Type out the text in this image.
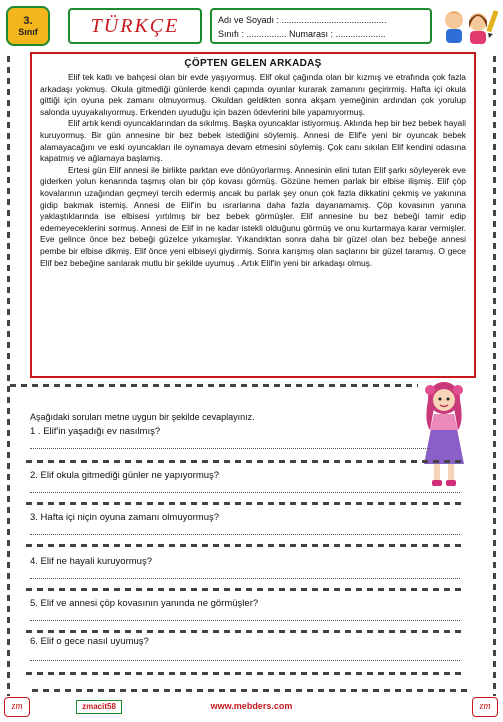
3.
Sınıf	TÜRKÇE	Adı ve Soyadı : ..........................................
Sınıfı : ................ Numarası : ....................
ÇÖPTEN GELEN ARKADAŞ

Elif tek katlı ve bahçesi olan bir evde yaşıyormuş. Elif okul çağında olan bir kızmış ve etrafında çok fazla arkadaşı yokmuş. Okula gitmediği günlerde kendi çapında oyunlar kurarak zamanını geçirirmiş. Hafta içi okula gittiği için oyuna pek zamanı olmuyormuş. Okuldan geldikten sonra akşam yemeğinin ardından çok yorulup salonda uyuyakalıyormuş. Erkenden uyuduğu için bazen ödevlerini bile yapamıyormuş.

Elif artık kendi oyuncaklarından da sıkılmış. Başka oyuncaklar istiyormuş. Aklında hep bir bez bebek hayali kuruyormuş. Bir gün annesine bir bez bebek istediğini söylemiş. Annesi de Elif'e yeni bir oyuncak bebek alamayacağını ve eski oyuncakları ile oynamaya devam etmesini söylemiş. Çok canı sıkılan Elif kendini odasına kapatmış ve ağlamaya başlamış.

Ertesi gün Elif annesi ile birlikte parktan eve dönüyorlarmış. Annesinin elini tutan Elif şarkı söyleyerek eve giderken yolun kenarında taşmış olan bir çöp kovası görmüş. Gözüne hemen parlak bir elbise ilişmiş. Elif çöp kovalarının uzağından geçmeyi tercih edermiş ancak bu parlak şey onun çok fazla dikkatini çekmiş ve yakınına gidip bakmak istemiş. Annesi de Elif'in bu ısrarlarına daha fazla dayanamamış. Çöp kovasının yanına yaklaştıklarında ise elbisesi yırtılmış bir bez bebek görmüşler. Elif annesine bu bez bebeği tamir edip edemeyeceklerini sormuş. Annesi de Elif in ne kadar istekli olduğunu görmüş ve onu kurtarmaya karar vermişler. Eve gelince önce bez bebeği güzelce yıkamışlar. Yıkandıktan sonra daha bir güzel olan bez bebeğe annesi pembe bir elbise dikmiş. Elif önce yeni elbiseyi giydirmiş. Sonra karışmış olan saçlarını bir güzel taramış. O gece Elif bez bebeğine sarılarak mutlu bir şekilde uyumuş . Artık Elif'in yeni bir arkadaşı olmuş.

Aşağıdaki soruları metne uygun bir şekilde cevaplayınız.
1 . Elif'in yaşadığı ev nasılmış?
2. Elif okula gitmediği günler ne yapıyormuş?
3. Hafta içi niçin oyuna zamanı olmuyormuş?
4. Elif ne hayali kuruyormuş?
5. Elif ve annesi çöp kovasının yanında ne görmüşler?
6. Elif o gece nasıl uyumuş?
zm	zmacit58	www.mebders.com	zm
